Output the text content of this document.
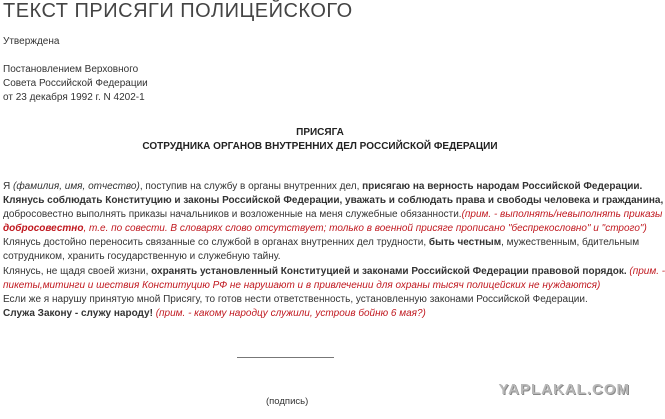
ТЕКСТ ПРИСЯГИ ПОЛИЦЕЙСКОГО
Утверждена
Постановлением Верховного
Совета Российской Федерации
от 23 декабря 1992 г. N 4202-1
ПРИСЯГА
СОТРУДНИКА ОРГАНОВ ВНУТРЕННИХ ДЕЛ РОССИЙСКОЙ ФЕДЕРАЦИИ

Я (фамилия, имя, отчество), поступив на службу в органы внутренних дел, присягаю на верность народам Российской Федерации.

Клянусь соблюдать Конституцию и законы Российской Федерации, уважать и соблюдать права и свободы человека и гражданина,

добросовестно выполнять приказы начальников и возложенные на меня служебные обязанности.(прим. - выполнять/невыполнять приказы

добросовестно, т.е. по совести. В словарях слово отсутствует; только в военной присяге прописано "беспрекословно" и "строго")

Клянусь достойно переносить связанные со службой в органах внутренних дел трудности, быть честным, мужественным, бдительным

сотрудником, хранить государственную и служебную тайну.

Клянусь, не щадя своей жизни, охранять установленный Конституцией и законами Российской Федерации правовой порядок. (прим. -

пикеты,митинги и шествия Конституцию РФ не нарушают и в привлечении для охраны тысяч полицейских не нуждаются)

Если же я нарушу принятую мной Присягу, то готов нести ответственность, установленную законами Российской Федерации.

Служа Закону - служу народу! (прим. - какому народцу служили, устроив бойню 6 мая?)

(подпись)
YAPLAKAL.COM
